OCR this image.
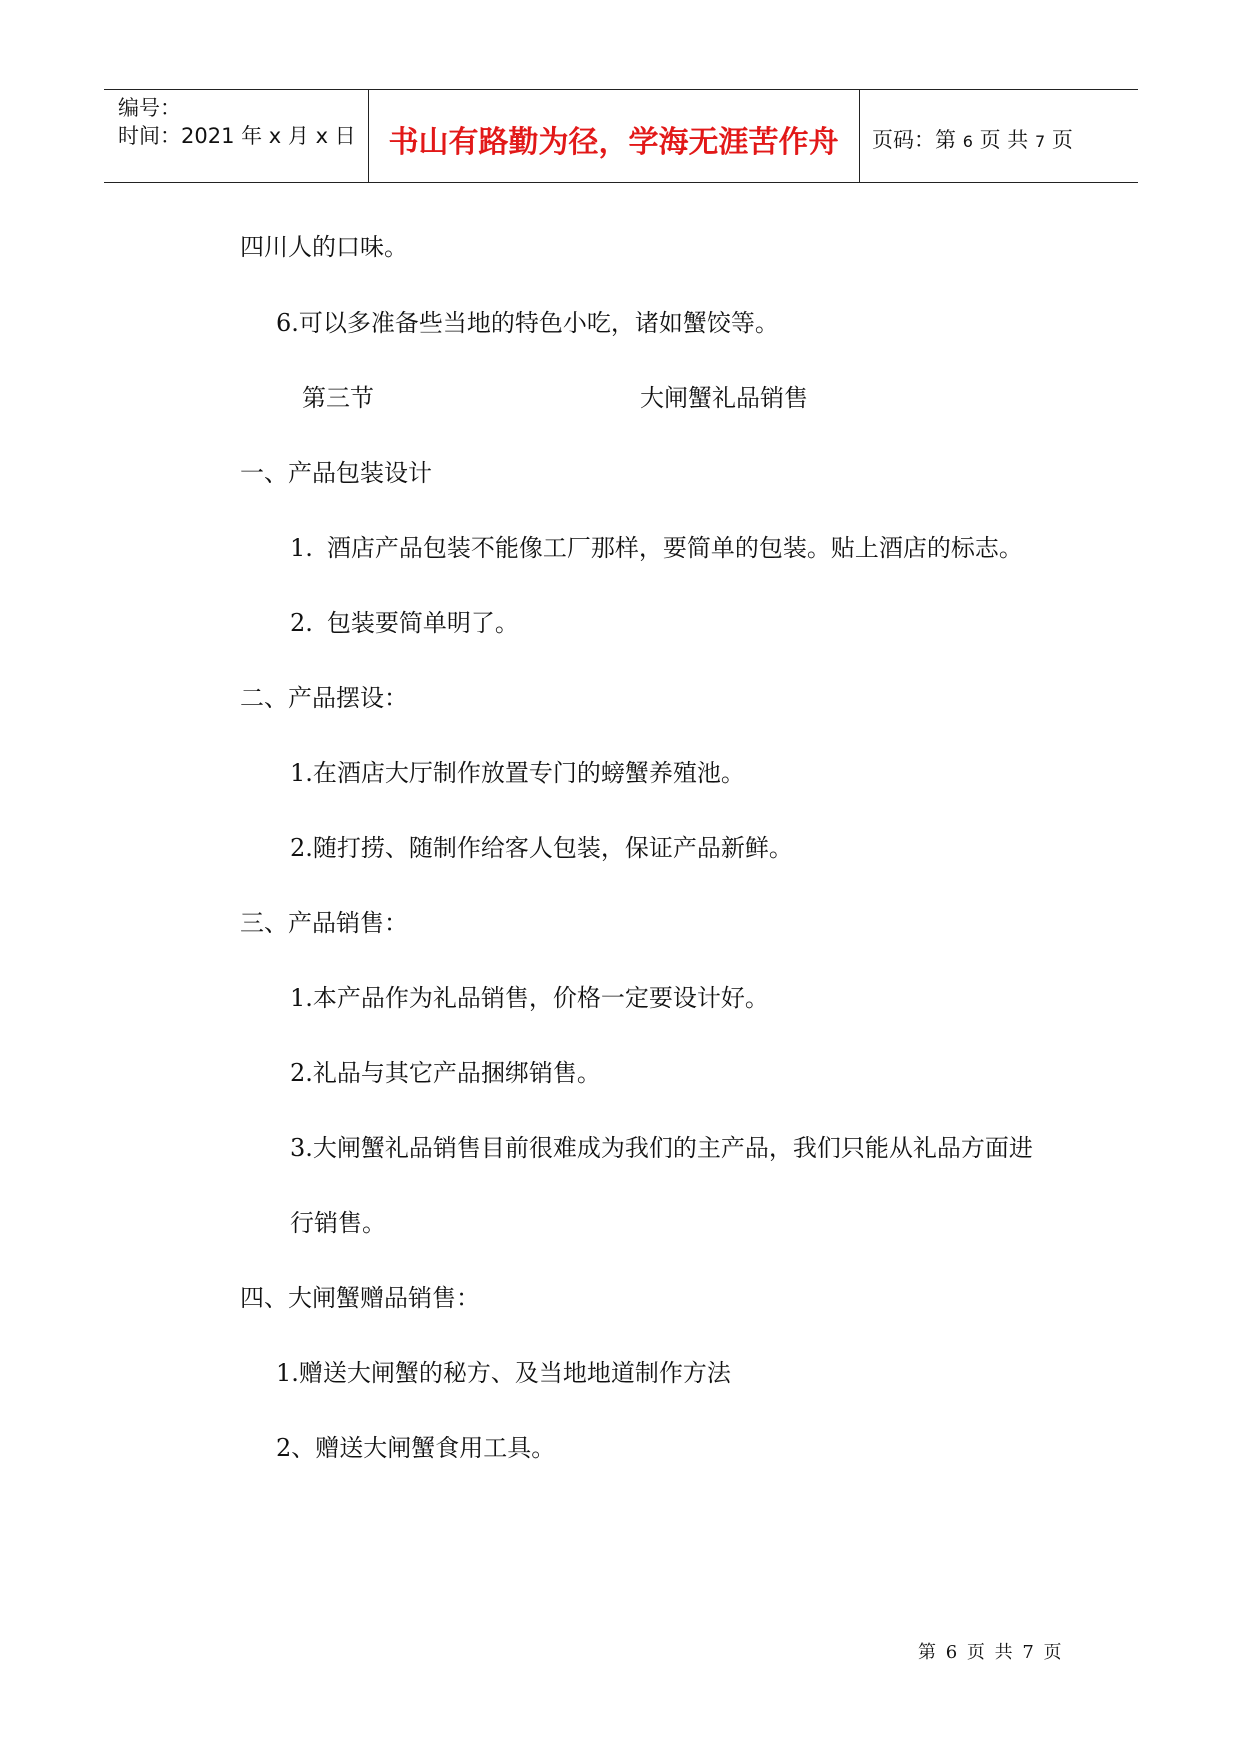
编号：
时间：2021 年 x 月 x 日	书山有路勤为径，学海无涯苦作舟	页码：第 6 页 共 7 页
四川人的口味。
6.可以多准备些当地的特色小吃，诸如蟹饺等。
第三节	大闸蟹礼品销售
一、产品包装设计
1. 酒店产品包装不能像工厂那样，要简单的包装。贴上酒店的标志。
2. 包装要简单明了。
二、产品摆设：
1.在酒店大厅制作放置专门的螃蟹养殖池。
2.随打捞、随制作给客人包装，保证产品新鲜。
三、产品销售：
1.本产品作为礼品销售，价格一定要设计好。
2.礼品与其它产品捆绑销售。
3.大闸蟹礼品销售目前很难成为我们的主产品，我们只能从礼品方面进
行销售。
四、大闸蟹赠品销售：
1.赠送大闸蟹的秘方、及当地地道制作方法
2、赠送大闸蟹食用工具。
第 6 页 共 7 页
